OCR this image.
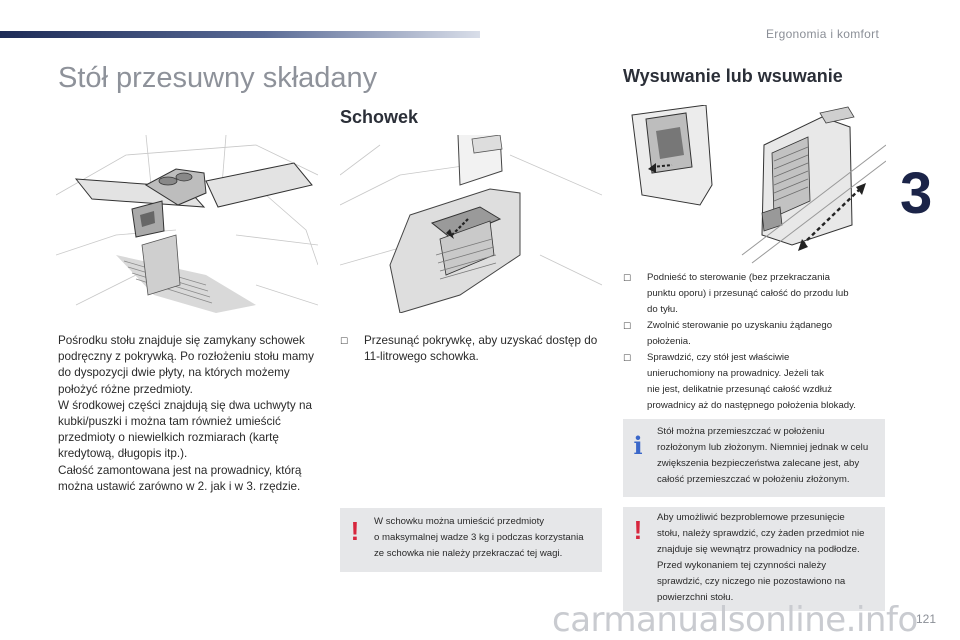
Ergonomia i komfort
3
Stół przesuwny składany

Pośrodku stołu znajduje się zamykany schowek podręczny z pokrywką. Po rozłożeniu stołu mamy do dyspozycji dwie płyty, na których możemy położyć różne przedmioty.
W środkowej części znajdują się dwa uchwyty na kubki/puszki i można tam również umieścić przedmioty o niewielkich rozmiarach (kartę kredytową, długopis itp.).
Całość zamontowana jest na prowadnicy, którą można ustawić zarówno w 2. jak i w 3. rzędzie.

Schowek
☐ Przesunąć pokrywkę, aby uzyskać dostęp do 11-litrowego schowka.
! W schowku można umieścić przedmioty
o maksymalnej wadze 3 kg i podczas korzystania
ze schowka nie należy przekraczać tej wagi.
Wysuwanie lub wsuwanie
☐ Podnieść to sterowanie (bez przekraczania
punktu oporu) i przesunąć całość do przodu lub
do tyłu.
☐ Zwolnić sterowanie po uzyskaniu żądanego
położenia.
☐ Sprawdzić, czy stół jest właściwie
unieruchomiony na prowadnicy. Jeżeli tak
nie jest, delikatnie przesunąć całość wzdłuż
prowadnicy aż do następnego położenia blokady.
i Stół można przemieszczać w położeniu
rozłożonym lub złożonym. Niemniej jednak w celu
zwiększenia bezpieczeństwa zalecane jest, aby
całość przemieszczać w położeniu złożonym.
! Aby umożliwić bezproblemowe przesunięcie
stołu, należy sprawdzić, czy żaden przedmiot nie
znajduje się wewnątrz prowadnicy na podłodze.
Przed wykonaniem tej czynności należy
sprawdzić, czy niczego nie pozostawiono na
powierzchni stołu.
carmanualsonline.info
121
